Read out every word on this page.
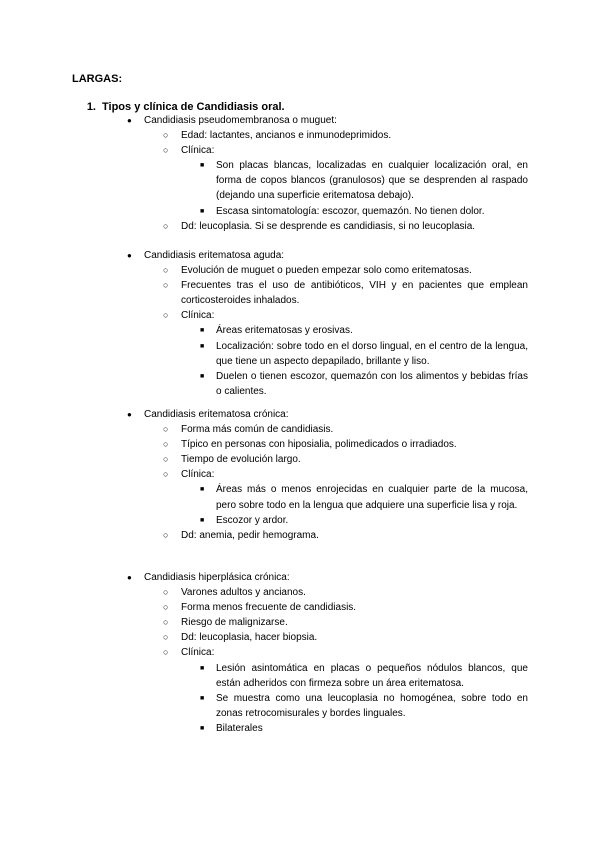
LARGAS:
1. Tipos y clínica de Candidiasis oral.
● Candidiasis pseudomembranosa o muguet:
○ Edad: lactantes, ancianos e inmunodeprimidos.
○ Clínica:
■ Son placas blancas, localizadas en cualquier localización oral, en forma de copos blancos (granulosos) que se desprenden al raspado (dejando una superficie eritematosa debajo).
■ Escasa sintomatología: escozor, quemazón. No tienen dolor.
○ Dd: leucoplasia. Si se desprende es candidiasis, si no leucoplasia.
● Candidiasis eritematosa aguda:
○ Evolución de muguet o pueden empezar solo como eritematosas.
○ Frecuentes tras el uso de antibióticos, VIH y en pacientes que emplean corticosteroides inhalados.
○ Clínica:
■ Áreas eritematosas y erosivas.
■ Localización: sobre todo en el dorso lingual, en el centro de la lengua, que tiene un aspecto depapilado, brillante y liso.
■ Duelen o tienen escozor, quemazón con los alimentos y bebidas frías o calientes.
● Candidiasis eritematosa crónica:
○ Forma más común de candidiasis.
○ Típico en personas con hiposialia, polimedicados o irradiados.
○ Tiempo de evolución largo.
○ Clínica:
■ Áreas más o menos enrojecidas en cualquier parte de la mucosa, pero sobre todo en la lengua que adquiere una superficie lisa y roja.
■ Escozor y ardor.
○ Dd: anemia, pedir hemograma.
● Candidiasis hiperplásica crónica:
○ Varones adultos y ancianos.
○ Forma menos frecuente de candidiasis.
○ Riesgo de malignizarse.
○ Dd: leucoplasia, hacer biopsia.
○ Clínica:
■ Lesión asintomática en placas o pequeños nódulos blancos, que están adheridos con firmeza sobre un área eritematosa.
■ Se muestra como una leucoplasia no homogénea, sobre todo en zonas retrocomisurales y bordes linguales.
■ Bilaterales
